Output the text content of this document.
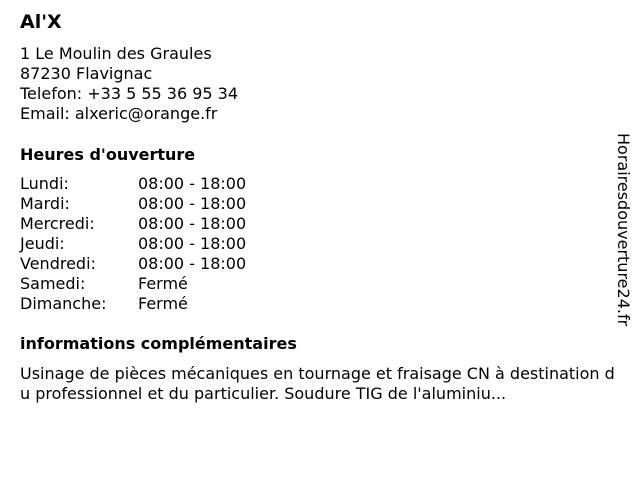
Al'X
1 Le Moulin des Graules
87230 Flavignac
Telefon: +33 5 55 36 95 34
Email: alxeric@orange.fr
Heures d'ouverture
Lundi:	08:00 - 18:00
Mardi:	08:00 - 18:00
Mercredi:	08:00 - 18:00
Jeudi:	08:00 - 18:00
Vendredi:	08:00 - 18:00
Samedi:	Fermé
Dimanche:	Fermé
informations complémentaires
Usinage de pièces mécaniques en tournage et fraisage CN à destination du professionnel et du particulier. Soudure TIG de l'aluminiu...
Horairesdouverture24.fr
